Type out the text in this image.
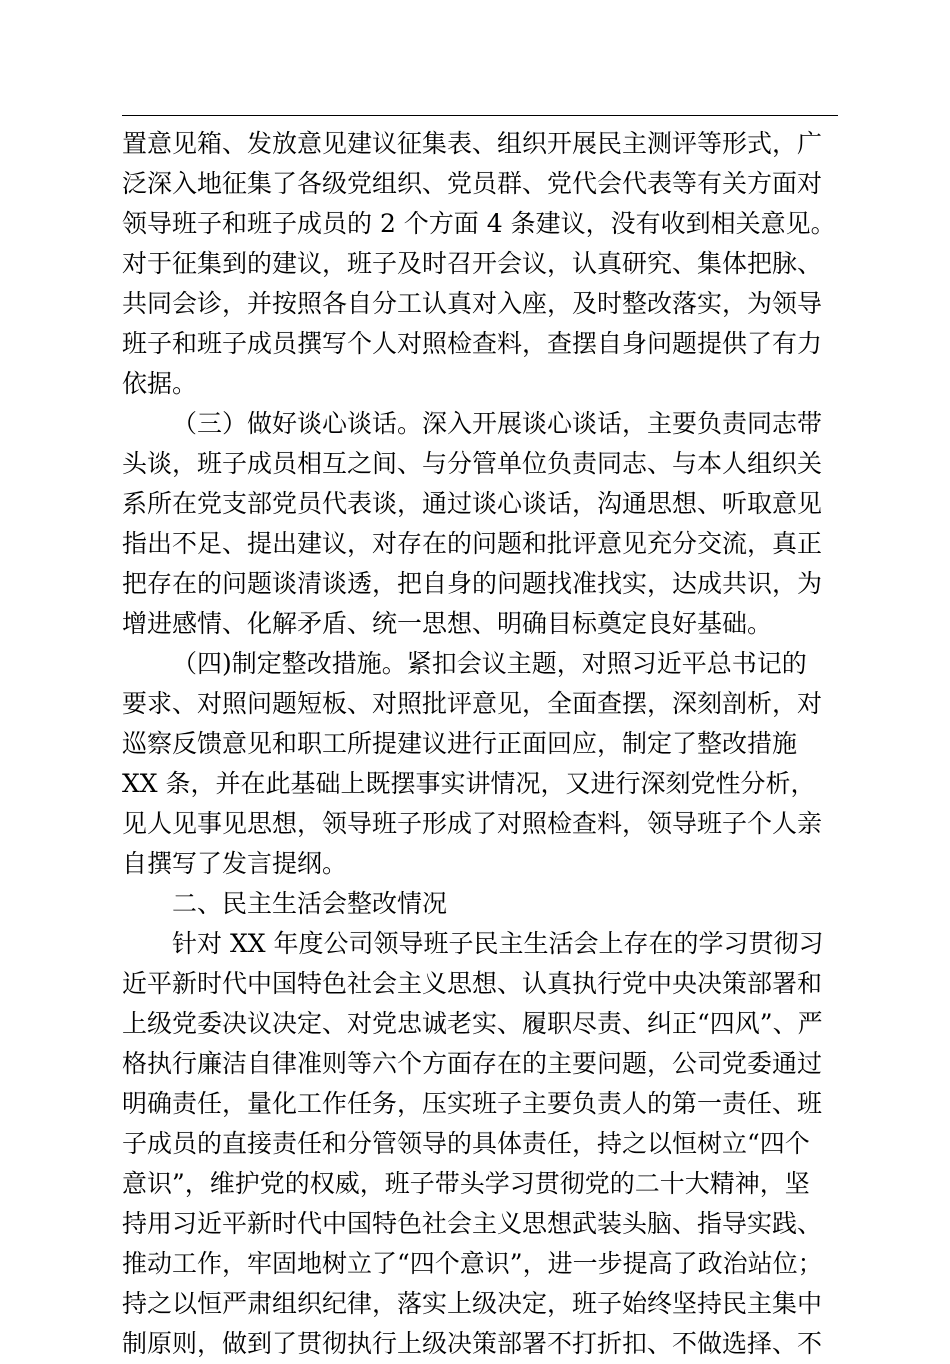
置意见箱、发放意见建议征集表、组织开展民主测评等形式，广
泛深入地征集了各级党组织、党员群、党代会代表等有关方面对
领导班子和班子成员的 2 个方面 4 条建议，没有收到相关意见。
对于征集到的建议，班子及时召开会议，认真研究、集体把脉、
共同会诊，并按照各自分工认真对入座，及时整改落实，为领导
班子和班子成员撰写个人对照检查料，查摆自身问题提供了有力
依据。
（三）做好谈心谈话。深入开展谈心谈话，主要负责同志带
头谈，班子成员相互之间、与分管单位负责同志、与本人组织关
系所在党支部党员代表谈，通过谈心谈话，沟通思想、听取意见
指出不足、提出建议，对存在的问题和批评意见充分交流，真正
把存在的问题谈清谈透，把自身的问题找准找实，达成共识，为
增进感情、化解矛盾、统一思想、明确目标奠定良好基础。
（四)制定整改措施。紧扣会议主题，对照习近平总书记的
要求、对照问题短板、对照批评意见，全面查摆，深刻剖析，对
巡察反馈意见和职工所提建议进行正面回应，制定了整改措施
XX 条，并在此基础上既摆事实讲情况，又进行深刻党性分析，
见人见事见思想，领导班子形成了对照检查料，领导班子个人亲
自撰写了发言提纲。
二、民主生活会整改情况
针对 XX 年度公司领导班子民主生活会上存在的学习贯彻习
近平新时代中国特色社会主义思想、认真执行党中央决策部署和
上级党委决议决定、对党忠诚老实、履职尽责、纠正“四风”、严
格执行廉洁自律准则等六个方面存在的主要问题，公司党委通过
明确责任，量化工作任务，压实班子主要负责人的第一责任、班
子成员的直接责任和分管领导的具体责任，持之以恒树立“四个
意识”，维护党的权威，班子带头学习贯彻党的二十大精神，坚
持用习近平新时代中国特色社会主义思想武装头脑、指导实践、
推动工作，牢固地树立了“四个意识”，进一步提高了政治站位；
持之以恒严肃组织纪律，落实上级决定，班子始终坚持民主集中
制原则，做到了贯彻执行上级决策部署不打折扣、不做选择、不
